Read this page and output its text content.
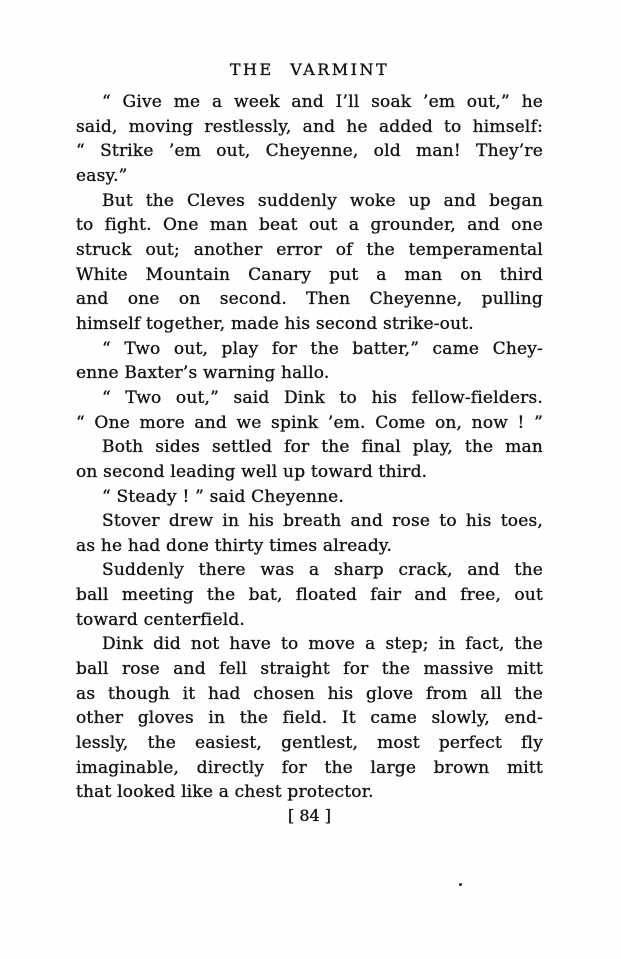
THE VARMINT
“ Give me a week and I’ll soak ’em out,” he
said, moving restlessly, and he added to himself:
“ Strike ’em out, Cheyenne, old man! They’re
easy.”
But the Cleves suddenly woke up and began
to fight. One man beat out a grounder, and one
struck out; another error of the temperamental
White Mountain Canary put a man on third
and one on second. Then Cheyenne, pulling
himself together, made his second strike-out.
“ Two out, play for the batter,” came Chey-
enne Baxter’s warning hallo.
“ Two out,” said Dink to his fellow-fielders.
“ One more and we spink ’em. Come on, now ! ”
Both sides settled for the final play, the man
on second leading well up toward third.
“ Steady ! ” said Cheyenne.
Stover drew in his breath and rose to his toes,
as he had done thirty times already.
Suddenly there was a sharp crack, and the
ball meeting the bat, floated fair and free, out
toward centerfield.
Dink did not have to move a step; in fact, the
ball rose and fell straight for the massive mitt
as though it had chosen his glove from all the
other gloves in the field. It came slowly, end-
lessly, the easiest, gentlest, most perfect fly
imaginable, directly for the large brown mitt
that looked like a chest protector.
[ 84 ]
